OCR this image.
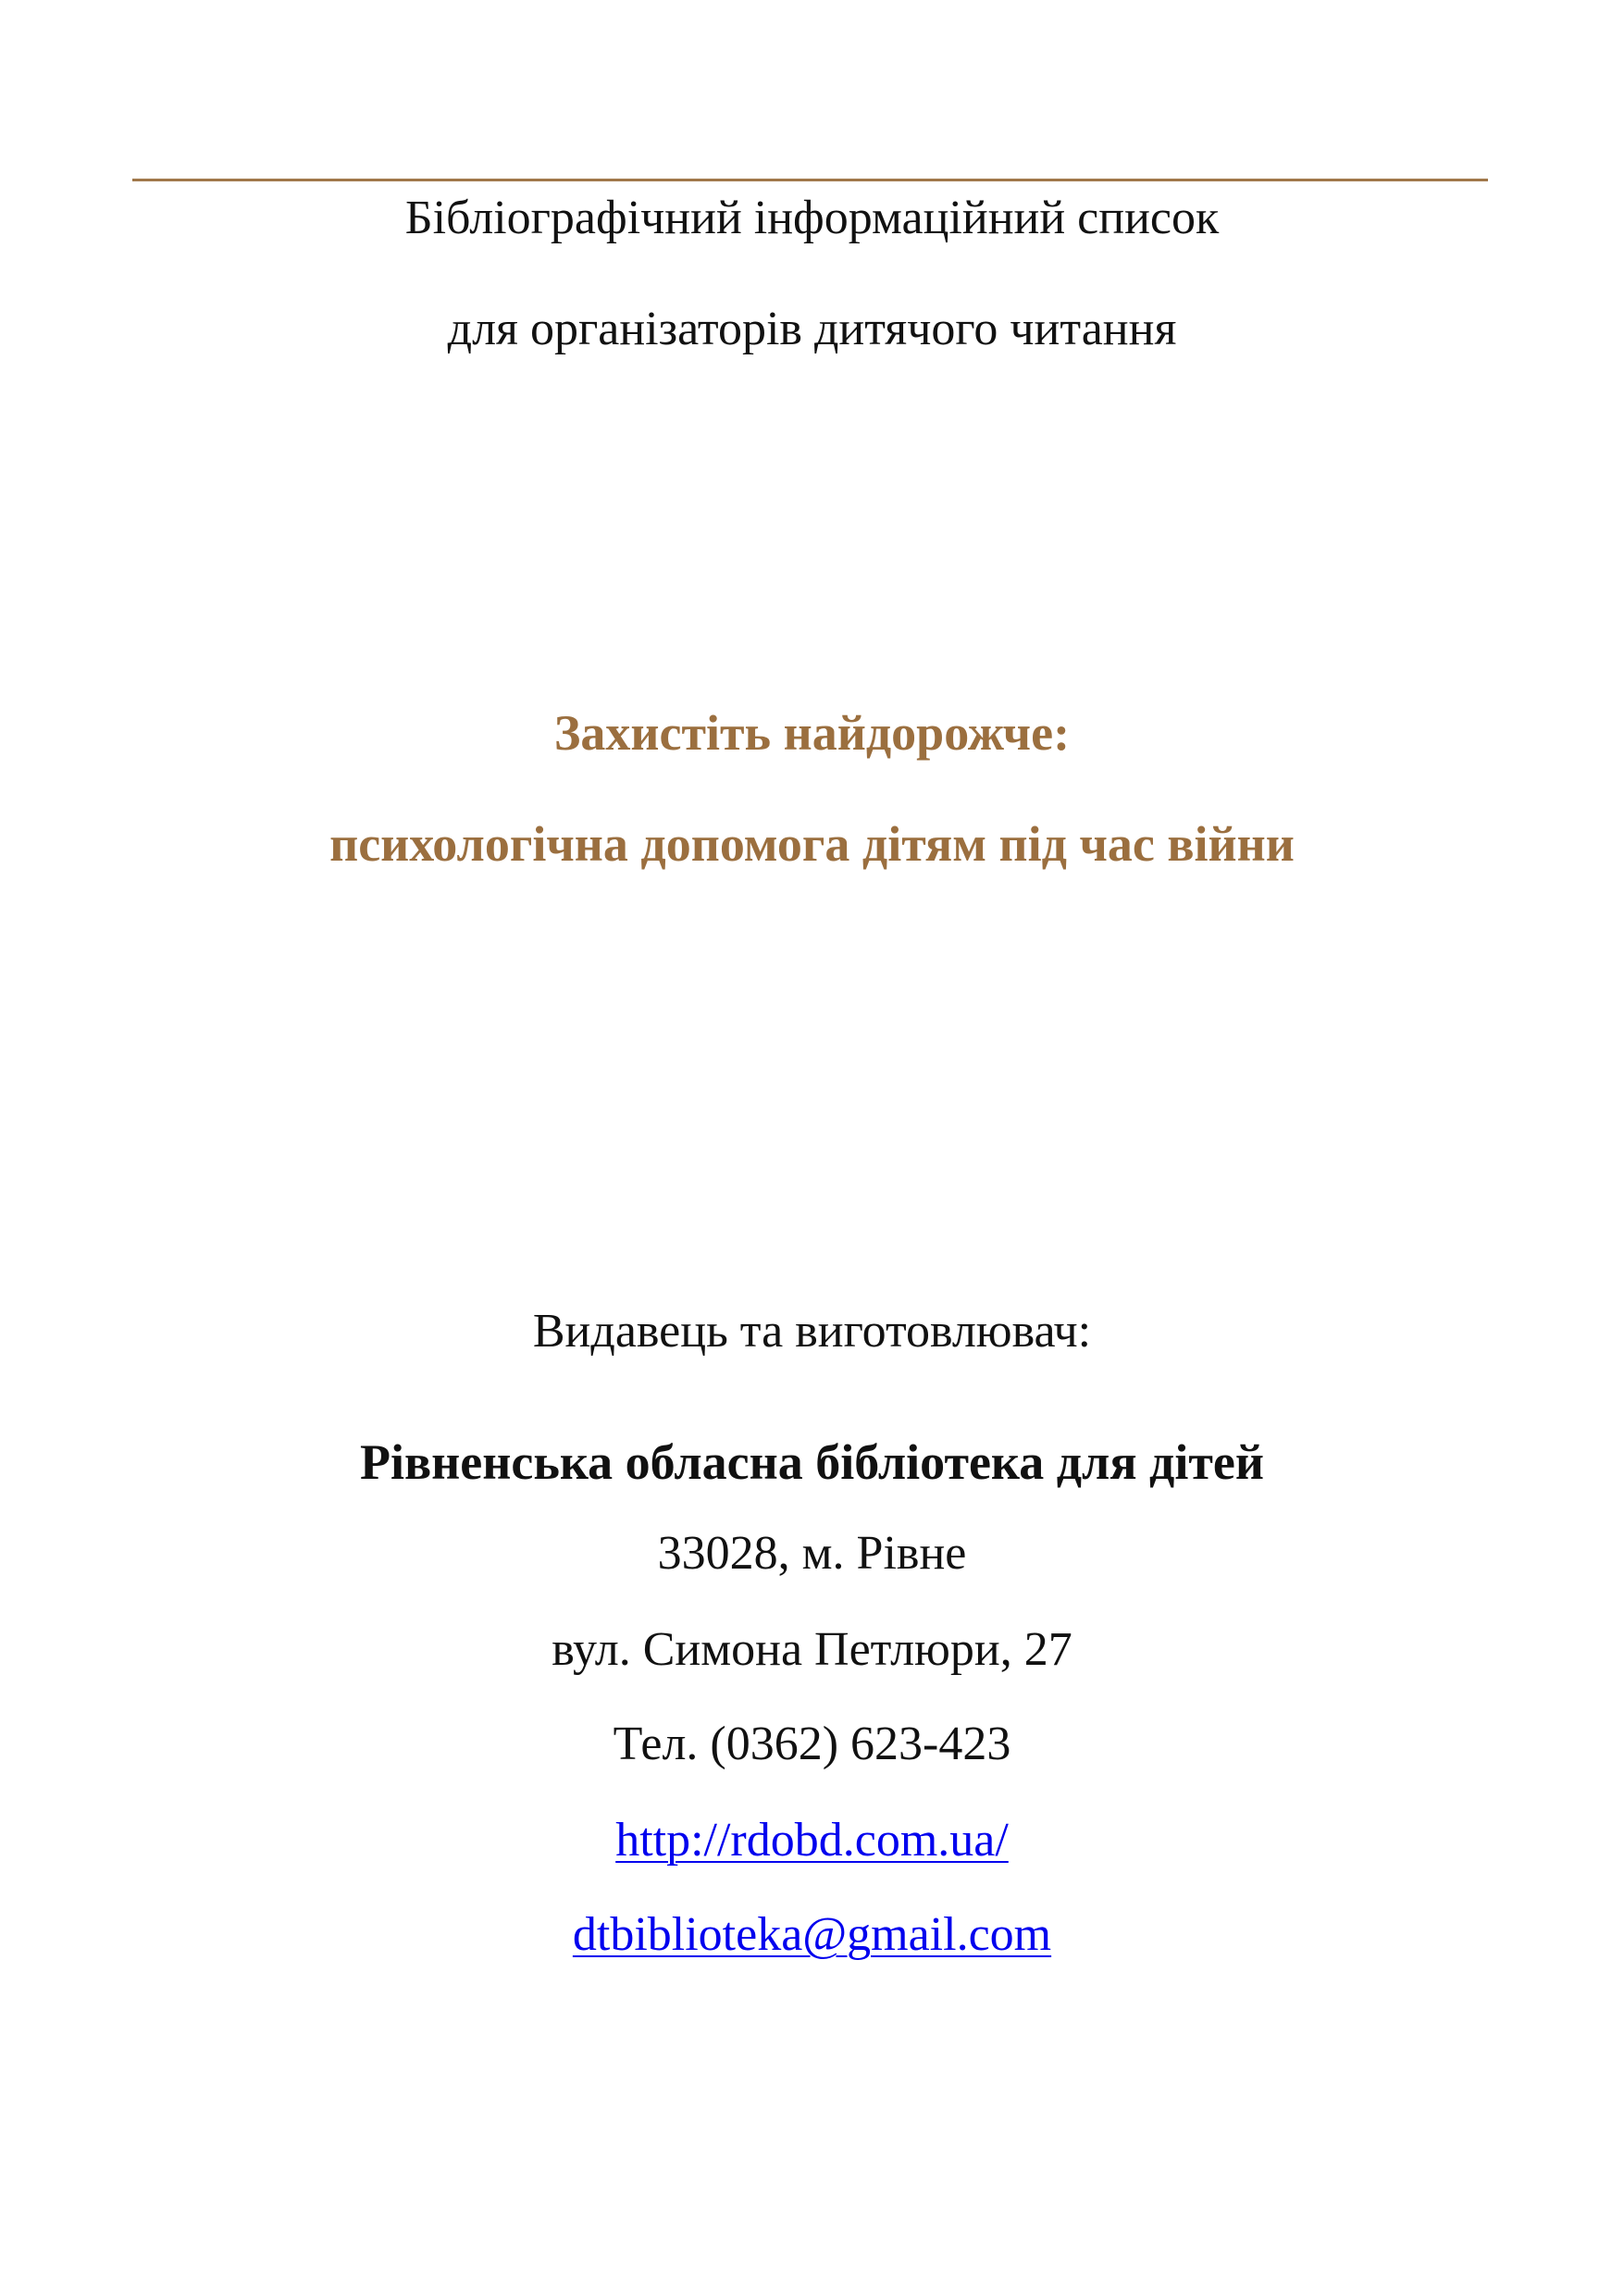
Бібліографічний інформаційний список
для організаторів дитячого читання
Захистіть найдорожче:
психологічна допомога дітям під час війни
Видавець та виготовлювач:
Рівненська обласна бібліотека для дітей
33028, м. Рівне
вул. Симона Петлюри, 27
Тел. (0362) 623-423
http://rdobd.com.ua/
dtbiblioteka@gmail.com
